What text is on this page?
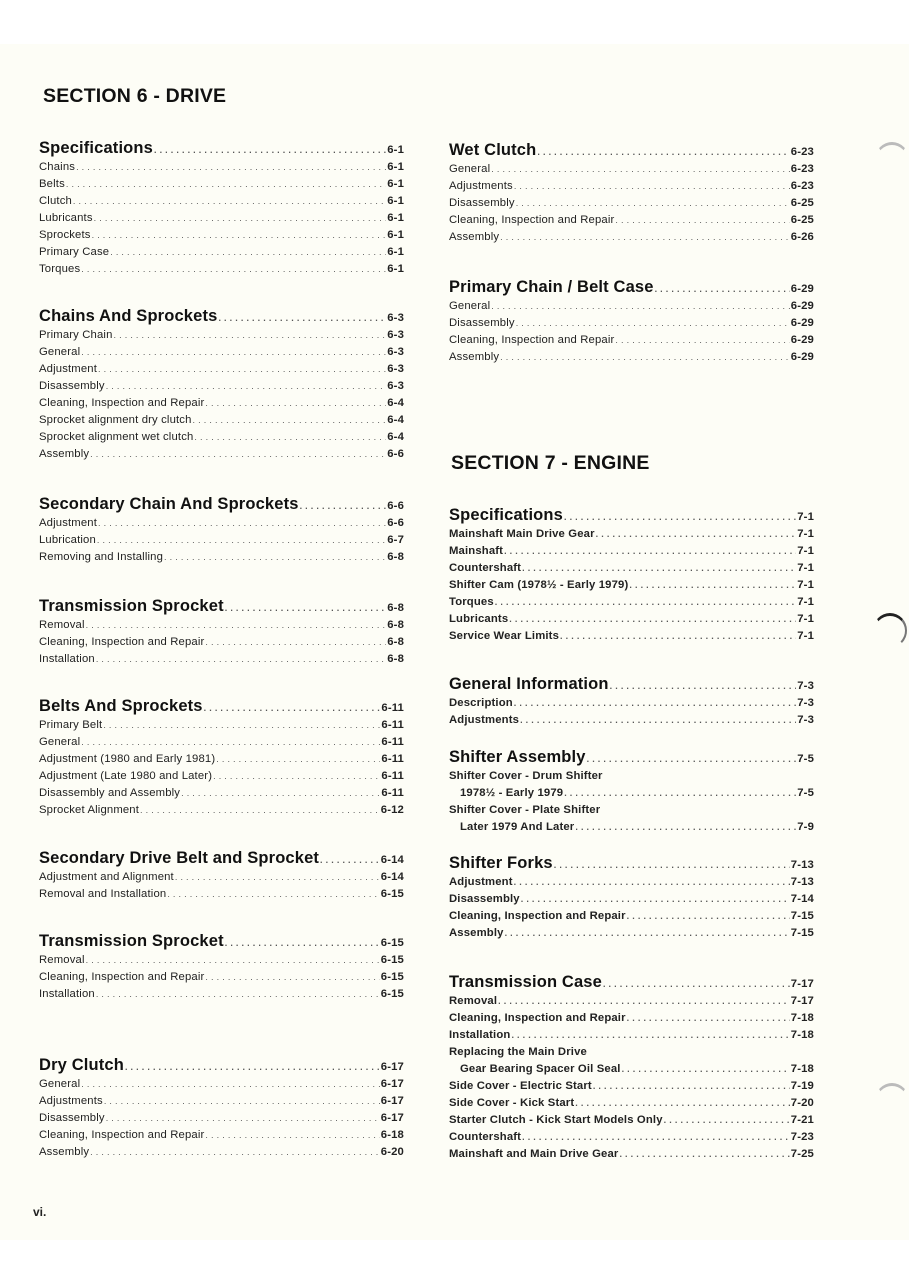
SECTION 6 - DRIVE
Specifications .....	6-1
Chains .....	6-1
Belts .....	6-1
Clutch .....	6-1
Lubricants .....	6-1
Sprockets .....	6-1
Primary Case .....	6-1
Torques .....	6-1
Chains And Sprockets .....	6-3
Primary Chain .....	6-3
General .....	6-3
Adjustment .....	6-3
Disassembly .....	6-3
Cleaning, Inspection and Repair .....	6-4
Sprocket alignment dry clutch .....	6-4
Sprocket alignment wet clutch .....	6-4
Assembly .....	6-6
Secondary Chain And Sprockets .....	6-6
Adjustment .....	6-6
Lubrication .....	6-7
Removing and Installing .....	6-8
Transmission Sprocket .....	6-8
Removal .....	6-8
Cleaning, Inspection and Repair .....	6-8
Installation .....	6-8
Belts And Sprockets .....	6-11
Primary Belt .....	6-11
General .....	6-11
Adjustment (1980 and Early 1981) .....	6-11
Adjustment (Late 1980 and Later) .....	6-11
Disassembly and Assembly .....	6-11
Sprocket Alignment .....	6-12
Secondary Drive Belt and Sprocket .....	6-14
Adjustment and Alignment .....	6-14
Removal and Installation .....	6-15
Transmission Sprocket .....	6-15
Removal .....	6-15
Cleaning, Inspection and Repair .....	6-15
Installation .....	6-15
Dry Clutch .....	6-17
General .....	6-17
Adjustments .....	6-17
Disassembly .....	6-17
Cleaning, Inspection and Repair .....	6-18
Assembly .....	6-20
Wet Clutch .....	6-23
General .....	6-23
Adjustments .....	6-23
Disassembly .....	6-25
Cleaning, Inspection and Repair .....	6-25
Assembly .....	6-26
Primary Chain / Belt Case .....	6-29
General .....	6-29
Disassembly .....	6-29
Cleaning, Inspection and Repair .....	6-29
Assembly .....	6-29
SECTION 7 - ENGINE
Specifications .....	7-1
Mainshaft Main Drive Gear .....	7-1
Mainshaft .....	7-1
Countershaft .....	7-1
Shifter Cam (1978½ - Early 1979) .....	7-1
Torques .....	7-1
Lubricants .....	7-1
Service Wear Limits .....	7-1
General Information .....	7-3
Description .....	7-3
Adjustments .....	7-3
Shifter Assembly .....	7-5
Shifter Cover - Drum Shifter
1978½ - Early 1979 .....	7-5
Shifter Cover - Plate Shifter
Later 1979 And Later .....	7-9
Shifter Forks .....	7-13
Adjustment .....	7-13
Disassembly .....	7-14
Cleaning, Inspection and Repair .....	7-15
Assembly .....	7-15
Transmission Case .....	7-17
Removal .....	7-17
Cleaning, Inspection and Repair .....	7-18
Installation .....	7-18
Replacing the Main Drive
Gear Bearing Spacer Oil Seal .....	7-18
Side Cover - Electric Start .....	7-19
Side Cover - Kick Start .....	7-20
Starter Clutch - Kick Start Models Only .....	7-21
Countershaft .....	7-23
Mainshaft and Main Drive Gear .....	7-25
vi.
